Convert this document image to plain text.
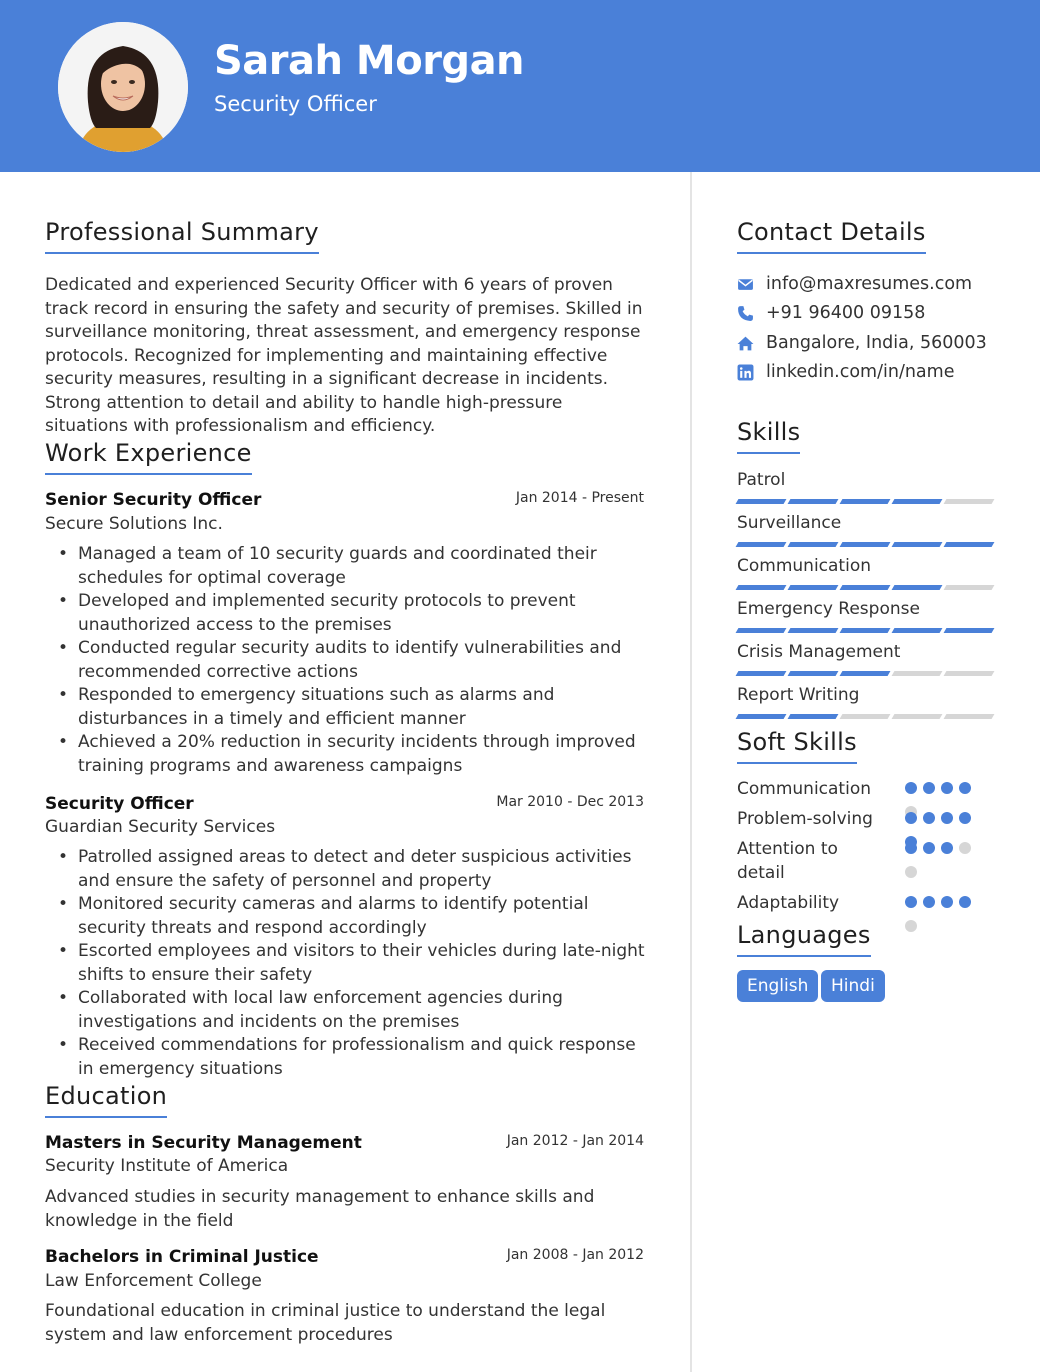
Sarah Morgan
Security Officer
Professional Summary
Dedicated and experienced Security Officer with 6 years of proven track record in ensuring the safety and security of premises. Skilled in surveillance monitoring, threat assessment, and emergency response protocols. Recognized for implementing and maintaining effective security measures, resulting in a significant decrease in incidents. Strong attention to detail and ability to handle high-pressure situations with professionalism and efficiency.
Work Experience
Senior Security Officer	Jan 2014 - Present
Secure Solutions Inc.
• Managed a team of 10 security guards and coordinated their schedules for optimal coverage
• Developed and implemented security protocols to prevent unauthorized access to the premises
• Conducted regular security audits to identify vulnerabilities and recommended corrective actions
• Responded to emergency situations such as alarms and disturbances in a timely and efficient manner
• Achieved a 20% reduction in security incidents through improved training programs and awareness campaigns
Security Officer	Mar 2010 - Dec 2013
Guardian Security Services
• Patrolled assigned areas to detect and deter suspicious activities and ensure the safety of personnel and property
• Monitored security cameras and alarms to identify potential security threats and respond accordingly
• Escorted employees and visitors to their vehicles during late-night shifts to ensure their safety
• Collaborated with local law enforcement agencies during investigations and incidents on the premises
• Received commendations for professionalism and quick response in emergency situations
Education
Masters in Security Management	Jan 2012 - Jan 2014
Security Institute of America
Advanced studies in security management to enhance skills and knowledge in the field
Bachelors in Criminal Justice	Jan 2008 - Jan 2012
Law Enforcement College
Foundational education in criminal justice to understand the legal system and law enforcement procedures
Contact Details
info@maxresumes.com
+91 96400 09158
Bangalore, India, 560003
linkedin.com/in/name
Skills
Patrol
Surveillance
Communication
Emergency Response
Crisis Management
Report Writing
Soft Skills
Communication
Problem-solving
Attention to detail
Adaptability
Languages
English	Hindi
